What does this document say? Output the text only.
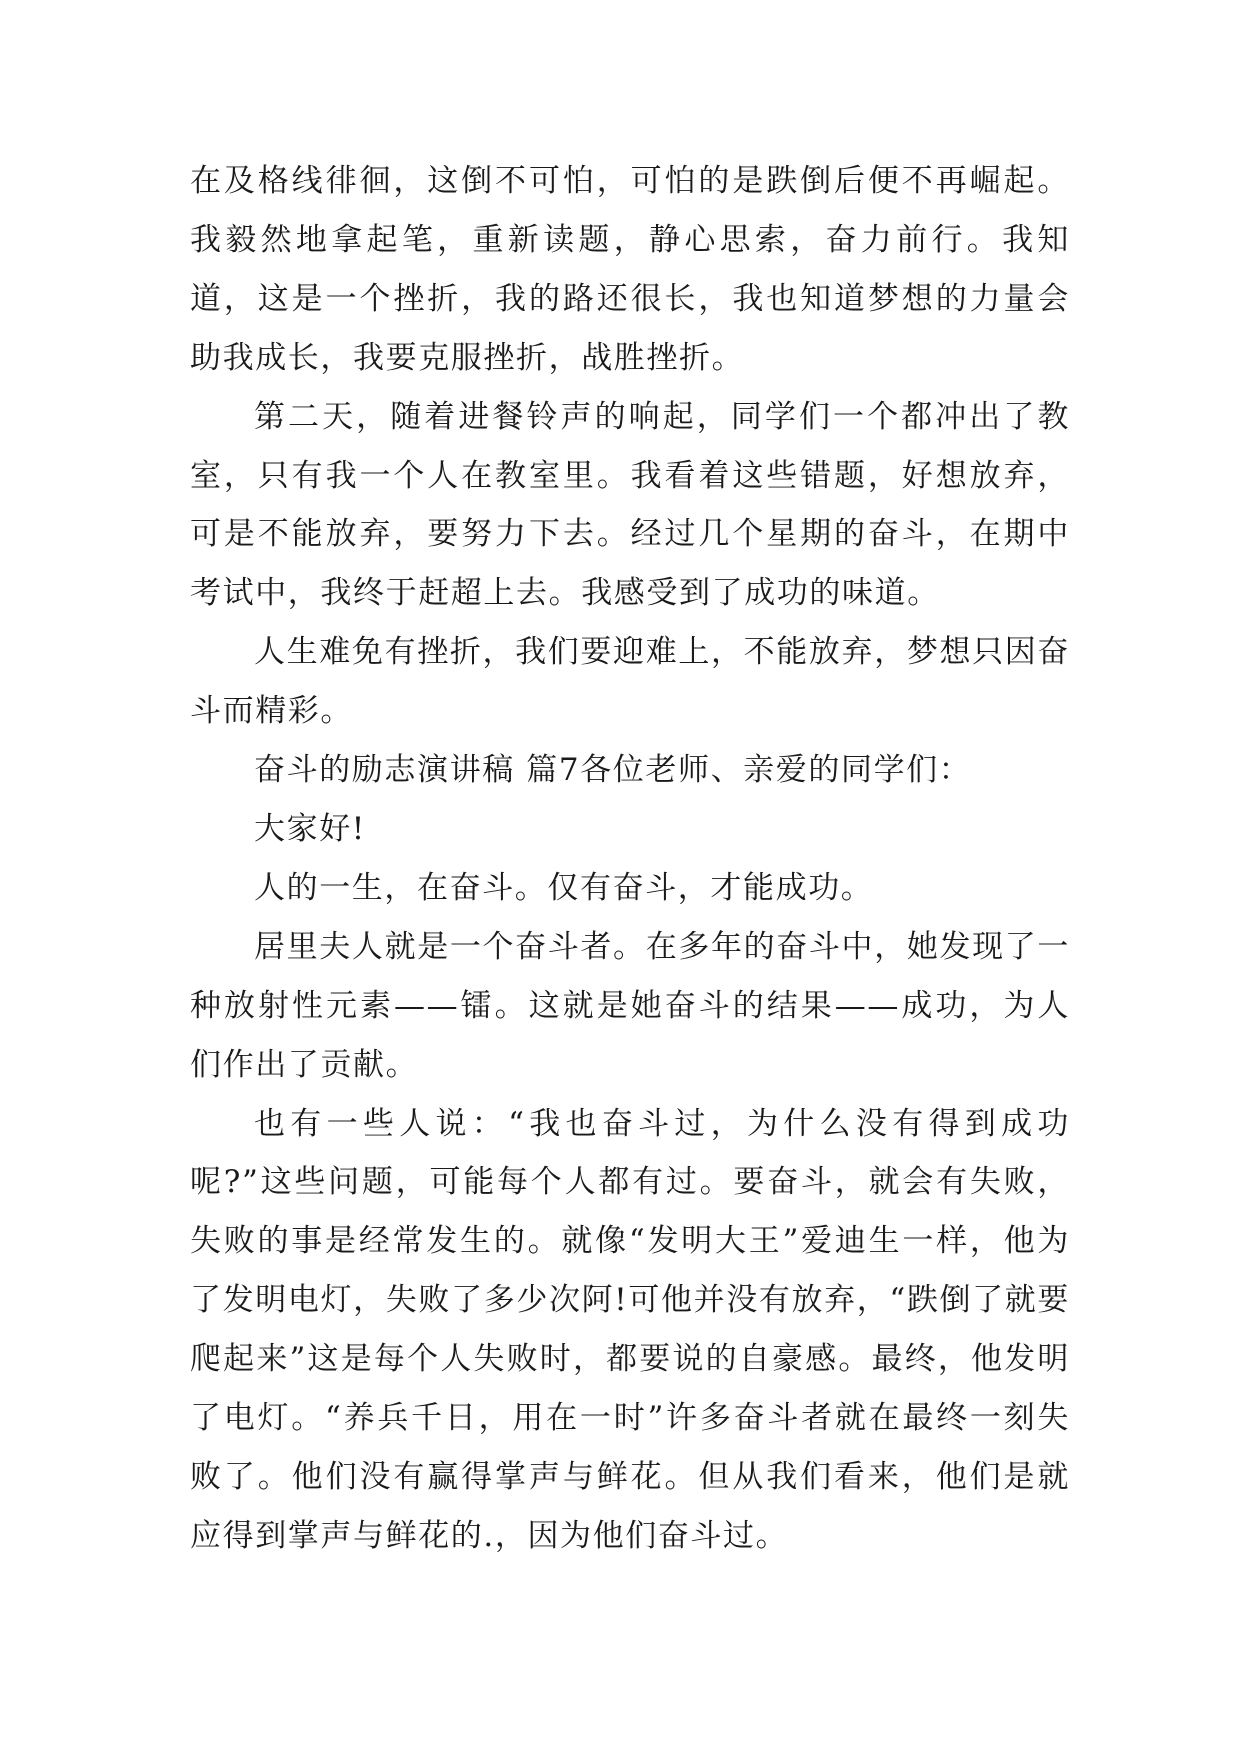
在及格线徘徊，这倒不可怕，可怕的是跌倒后便不再崛起。我毅然地拿起笔，重新读题，静心思索，奋力前行。我知道，这是一个挫折，我的路还很长，我也知道梦想的力量会助我成长，我要克服挫折，战胜挫折。

第二天，随着进餐铃声的响起，同学们一个都冲出了教室，只有我一个人在教室里。我看着这些错题，好想放弃，可是不能放弃，要努力下去。经过几个星期的奋斗，在期中考试中，我终于赶超上去。我感受到了成功的味道。

人生难免有挫折，我们要迎难上，不能放弃，梦想只因奋斗而精彩。

奋斗的励志演讲稿 篇7各位老师、亲爱的同学们：

大家好!

人的一生，在奋斗。仅有奋斗，才能成功。

居里夫人就是一个奋斗者。在多年的奋斗中，她发现了一种放射性元素——镭。这就是她奋斗的结果——成功，为人们作出了贡献。

也有一些人说：“我也奋斗过，为什么没有得到成功呢?”这些问题，可能每个人都有过。要奋斗，就会有失败，失败的事是经常发生的。就像“发明大王”爱迪生一样，他为了发明电灯，失败了多少次阿!可他并没有放弃，“跌倒了就要爬起来”这是每个人失败时，都要说的自豪感。最终，他发明了电灯。“养兵千日，用在一时”许多奋斗者就在最终一刻失败了。他们没有赢得掌声与鲜花。但从我们看来，他们是就应得到掌声与鲜花的.，因为他们奋斗过。
